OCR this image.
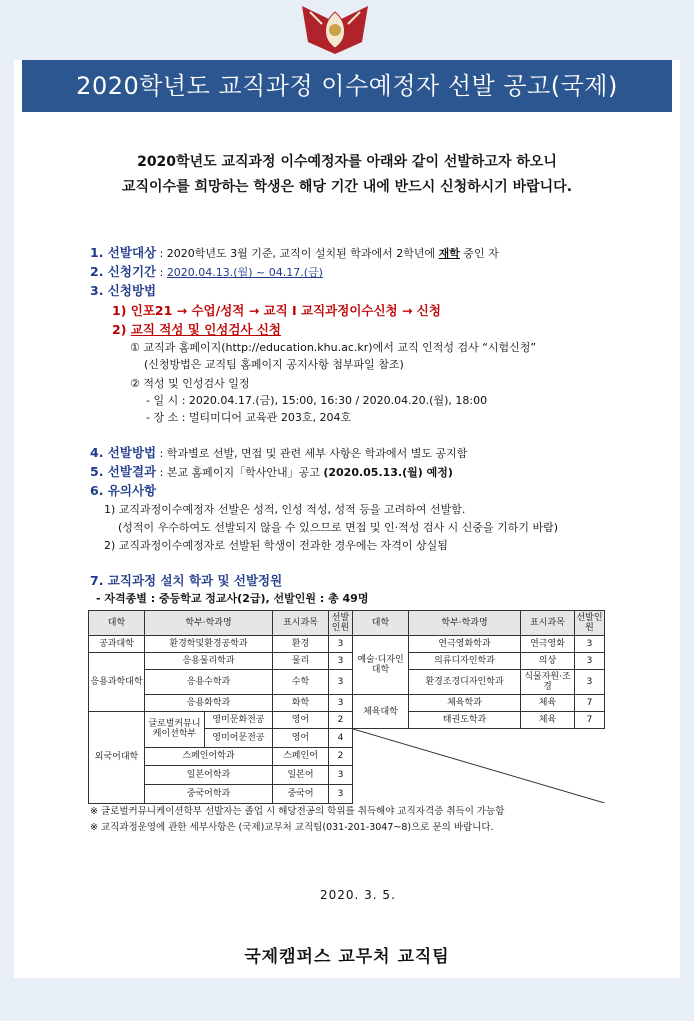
2020학년도 교직과정 이수예정자 선발 공고(국제)
2020학년도 교직과정 이수예정자를 아래와 같이 선발하고자 하오니
교직이수를 희망하는 학생은 해당 기간 내에 반드시 신청하시기 바랍니다.
1. 선발대상 : 2020학년도 3월 기준, 교직이 설치된 학과에서 2학년에 재학 중인 자
2. 신청기간 : 2020.04.13.(월) ~ 04.17.(금)
3. 신청방법
1) 인포21 → 수업/성적 → 교직 I 교직과정이수신청 → 신청
2) 교직 적성 및 인성검사 신청
① 교직과 홈페이지(http://education.khu.ac.kr)에서 교직 인적성 검사 “시험신청”
(신청방법은 교직팀 홈페이지 공지사항 첨부파일 참조)
② 적성 및 인성검사 일정
- 일 시 : 2020.04.17.(금), 15:00, 16:30 / 2020.04.20.(월), 18:00
- 장 소 : 멀티미디어 교육관 203호, 204호
4. 선발방법 : 학과별로 선발, 면접 및 관련 세부 사항은 학과에서 별도 공지함
5. 선발결과 : 본교 홈페이지「학사안내」공고 (2020.05.13.(월) 예정)
6. 유의사항
1) 교직과정이수예정자 선발은 성적, 인성 적성, 성적 등을 고려하여 선발함.
(성적이 우수하여도 선발되지 않을 수 있으므로 면접 및 인·적성 검사 시 신중을 기하기 바람)
2) 교직과정이수예정자로 선발된 학생이 전과한 경우에는 자격이 상실됨
7. 교직과정 설치 학과 및 선발정원
- 자격종별 : 중등학교 정교사(2급), 선발인원 : 총 49명
대학	학부·학과명		표시과목	선발인원	대학	학부·학과명	표시과목	선발인원
공과대학	환경학및환경공학과		환경	3	예술·디자인대학	연극영화학과	연극영화	3
응용과학대학	응용물리학과		물리	3		의류디자인학과	의상	3
	응용수학과		수학	3		환경조경디자인학과	식물자원·조경	3
	응용화학과		화학	3	체육대학	체육학과	체육	7
외국어대학	글로벌커뮤니케이션학부	영미문화전공	영어	2		태권도학과	체육	7
		영미어문전공	영어	4	

	스페인어학과		스페인어	2				
	일본어학과		일본어	3				
	중국어학과		중국어	3				
※ 글로벌커뮤니케이션학부 선발자는 졸업 시 해당전공의 학위를 취득해야 교직자격증 취득이 가능함
※ 교직과정운영에 관한 세부사항은 (국제)교무처 교직팀(031-201-3047~8)으로 문의 바랍니다.
2020. 3. 5.
국제캠퍼스 교무처 교직팀
